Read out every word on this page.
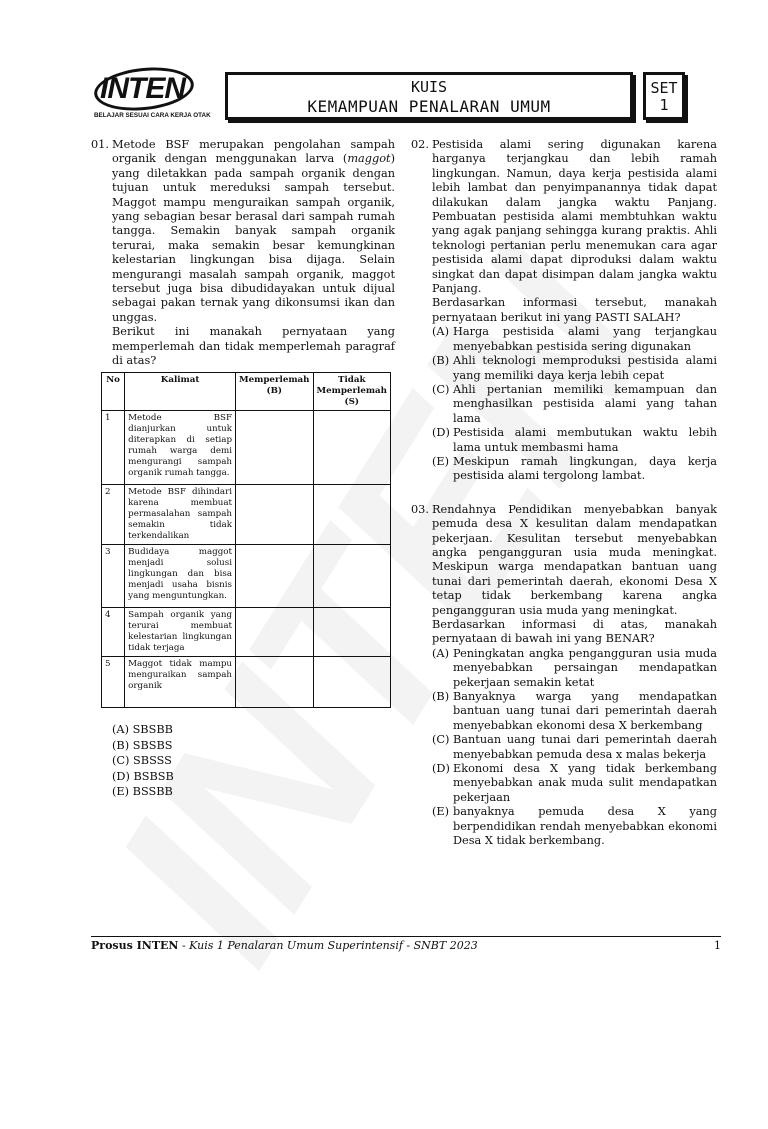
INTEN
BELAJAR SESUAI CARA KERJA OTAK
KUIS
KEMAMPUAN PENALARAN UMUM
SET
1
01. Metode BSF merupakan pengolahan sampah organik dengan menggunakan larva (maggot) yang diletakkan pada sampah organik dengan tujuan untuk mereduksi sampah tersebut. Maggot mampu menguraikan sampah organik, yang sebagian besar berasal dari sampah rumah tangga. Semakin banyak sampah organik terurai, maka semakin besar kemungkinan kelestarian lingkungan bisa dijaga. Selain mengurangi masalah sampah organik, maggot tersebut juga bisa dibudidayakan untuk dijual sebagai pakan ternak yang dikonsumsi ikan dan unggas.
Berikut ini manakah pernyataan yang memperlemah dan tidak memperlemah paragraf di atas?
No	Kalimat	Memperlemah (B)	Tidak Memperlemah (S)
1	Metode BSF dianjurkan untuk diterapkan di setiap rumah warga demi mengurangi sampah organik rumah tangga.		
2	Metode BSF dihindari karena membuat permasalahan sampah semakin tidak terkendalikan		
3	Budidaya maggot menjadi solusi lingkungan dan bisa menjadi usaha bisnis yang menguntungkan.		
4	Sampah organik yang terurai membuat kelestarian lingkungan tidak terjaga		
5	Maggot tidak mampu menguraikan sampah organik		
(A) SBSBB
(B) SBSBS
(C) SBSSS
(D) BSBSB
(E) BSSBB
02. Pestisida alami sering digunakan karena harganya terjangkau dan lebih ramah lingkungan. Namun, daya kerja pestisida alami lebih lambat dan penyimpanannya tidak dapat dilakukan dalam jangka waktu Panjang. Pembuatan pestisida alami membtuhkan waktu yang agak panjang sehingga kurang praktis. Ahli teknologi pertanian perlu menemukan cara agar pestisida alami dapat diproduksi dalam waktu singkat dan dapat disimpan dalam jangka waktu Panjang.
Berdasarkan informasi tersebut, manakah pernyataan berikut ini yang PASTI SALAH?
(A) Harga pestisida alami yang terjangkau menyebabkan pestisida sering digunakan
(B) Ahli teknologi memproduksi pestisida alami yang memiliki daya kerja lebih cepat
(C) Ahli pertanian memiliki kemampuan dan menghasilkan pestisida alami yang tahan lama
(D) Pestisida alami membutukan waktu lebih lama untuk membasmi hama
(E) Meskipun ramah lingkungan, daya kerja pestisida alami tergolong lambat.
03. Rendahnya Pendidikan menyebabkan banyak pemuda desa X kesulitan dalam mendapatkan pekerjaan. Kesulitan tersebut menyebabkan angka pengangguran usia muda meningkat. Meskipun warga mendapatkan bantuan uang tunai dari pemerintah daerah, ekonomi Desa X tetap tidak berkembang karena angka pengangguran usia muda yang meningkat.
Berdasarkan informasi di atas, manakah pernyataan di bawah ini yang BENAR?
(A) Peningkatan angka pengangguran usia muda menyebabkan persaingan mendapatkan pekerjaan semakin ketat
(B) Banyaknya warga yang mendapatkan bantuan uang tunai dari pemerintah daerah menyebabkan ekonomi desa X berkembang
(C) Bantuan uang tunai dari pemerintah daerah menyebabkan pemuda desa x malas bekerja
(D) Ekonomi desa X yang tidak berkembang menyebabkan anak muda sulit mendapatkan pekerjaan
(E) banyaknya pemuda desa X yang berpendidikan rendah menyebabkan ekonomi Desa X tidak berkembang.
Prosus INTEN - Kuis 1 Penalaran Umum Superintensif - SNBT 2023	1
